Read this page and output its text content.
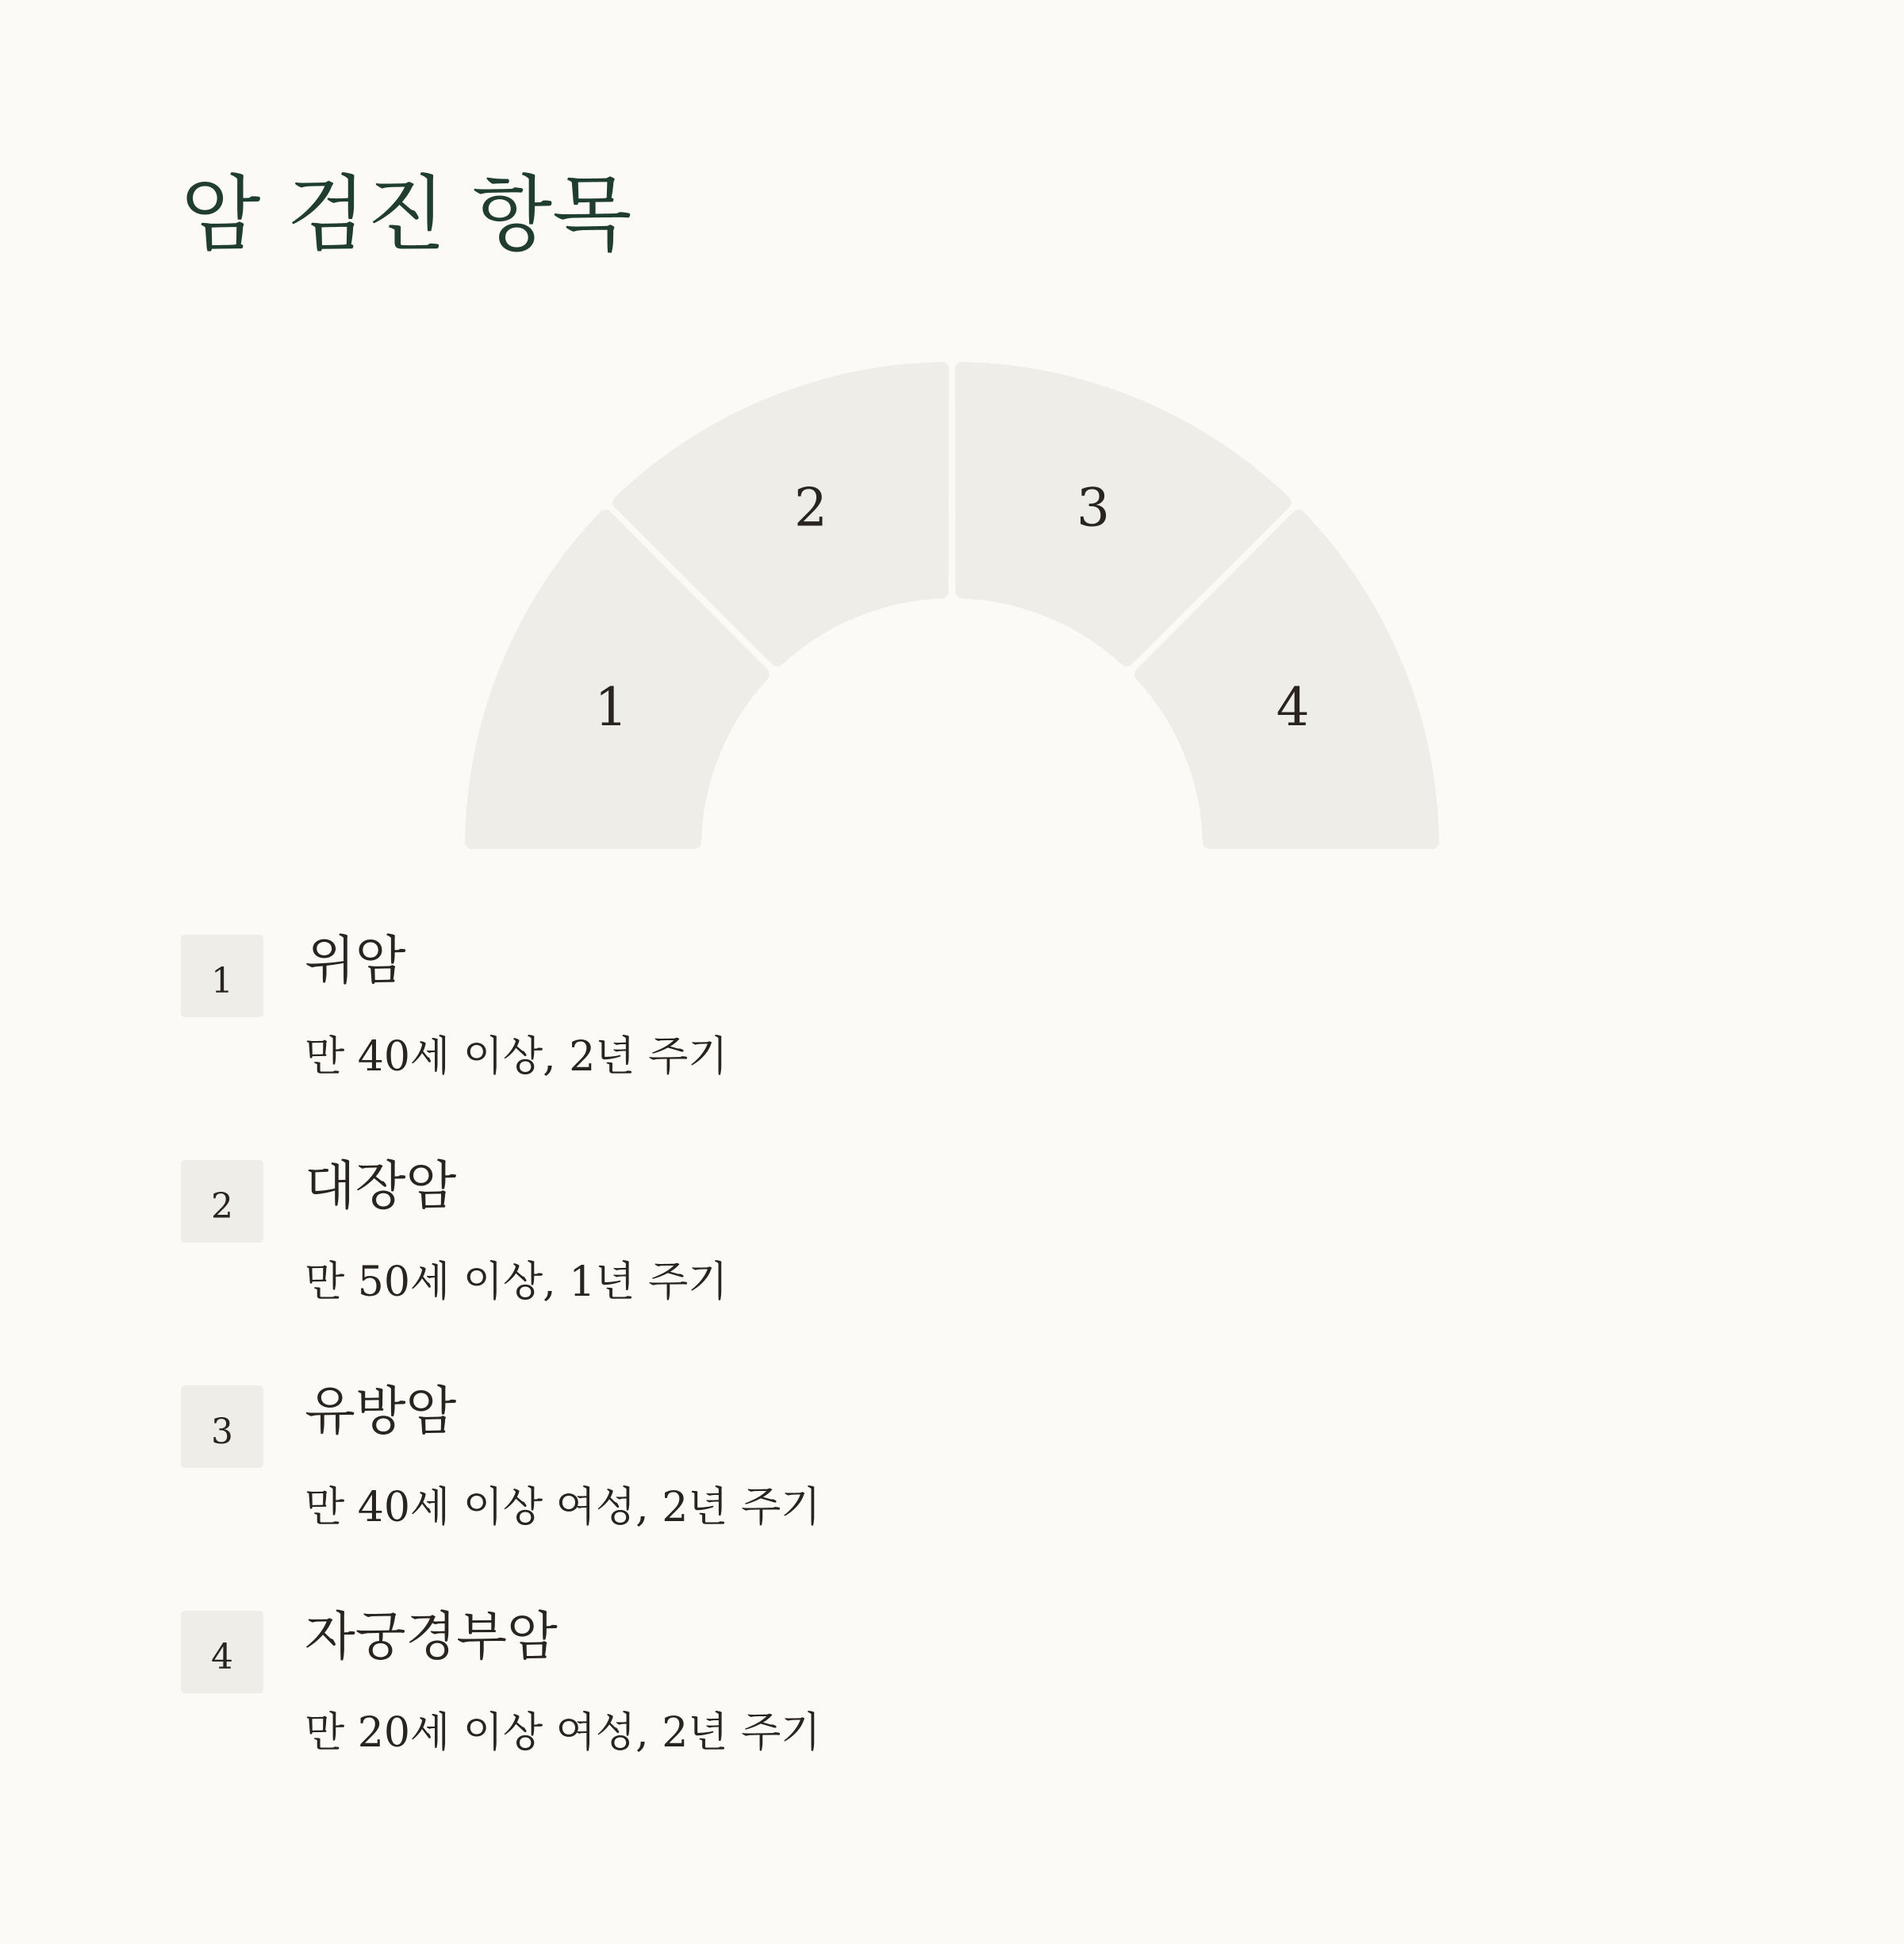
암 검진 항목
1
2	3
4
1	위암
만 40세 이상, 2년 주기
2	대장암
만 50세 이상, 1년 주기
3	유방암
만 40세 이상 여성, 2년 주기
4	자궁경부암
만 20세 이상 여성, 2년 주기
